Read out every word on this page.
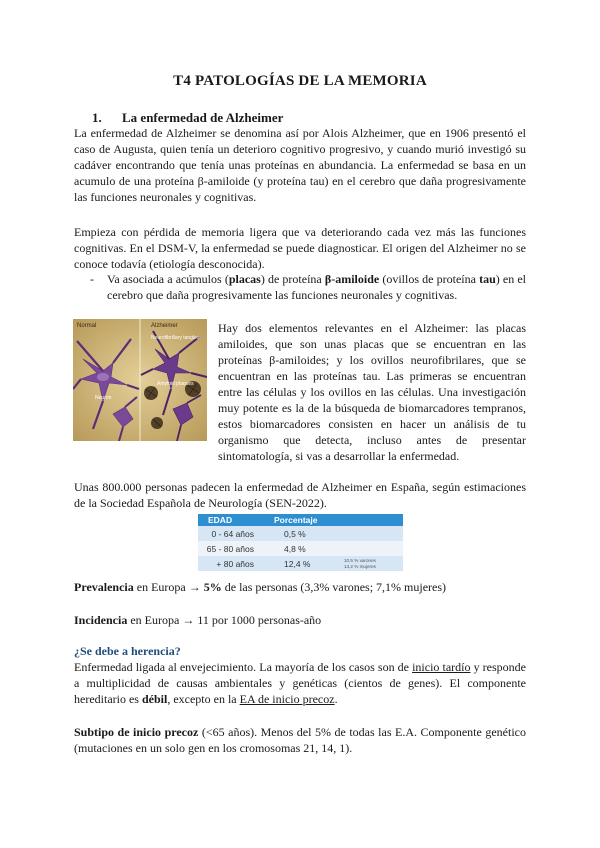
T4 PATOLOGÍAS DE LA MEMORIA
1. La enfermedad de Alzheimer
La enfermedad de Alzheimer se denomina así por Alois Alzheimer, que en 1906 presentó el caso de Augusta, quien tenía un deterioro cognitivo progresivo, y cuando murió investigó su cadáver encontrando que tenía unas proteínas en abundancia. La enfermedad se basa en un acumulo de una proteína β-amiloide (y proteína tau) en el cerebro que daña progresivamente las funciones neuronales y cognitivas.
Empieza con pérdida de memoria ligera que va deteriorando cada vez más las funciones cognitivas. En el DSM-V, la enfermedad se puede diagnosticar. El origen del Alzheimer no se conoce todavía (etiología desconocida).
- Va asociada a acúmulos (placas) de proteína β-amiloide (ovillos de proteína tau) en el cerebro que daña progresivamente las funciones neuronales y cognitivas.
Neuron
Normal	Alzheimer
Neurofibrillary tangles
Amyloid plaques
Hay dos elementos relevantes en el Alzheimer: las placas amiloides, que son unas placas que se encuentran en las proteínas β-amiloides; y los ovillos neurofibrilares, que se encuentran en las proteínas tau. Las primeras se encuentran entre las células y los ovillos en las células. Una investigación muy potente es la de la búsqueda de biomarcadores tempranos, estos biomarcadores consisten en hacer un análisis de tu organismo que detecta, incluso antes de presentar sintomatología, si vas a desarrollar la enfermedad.
Unas 800.000 personas padecen la enfermedad de Alzheimer en España, según estimaciones de la Sociedad Española de Neurología (SEN-2022).
EDAD	Porcentaje	
0 - 64 años	0,5 %	
65 - 80 años	4,8 %	
+ 80 años	12,4 %	10,5 % varones
13,2 % mujeres
Prevalencia en Europa → 5% de las personas (3,3% varones; 7,1% mujeres)
Incidencia en Europa → 11 por 1000 personas-año
¿Se debe a herencia?
Enfermedad ligada al envejecimiento. La mayoría de los casos son de inicio tardío y responde a multiplicidad de causas ambientales y genéticas (cientos de genes). El componente hereditario es débil, excepto en la EA de inicio precoz.
Subtipo de inicio precoz (<65 años). Menos del 5% de todas las E.A. Componente genético (mutaciones en un solo gen en los cromosomas 21, 14, 1).
